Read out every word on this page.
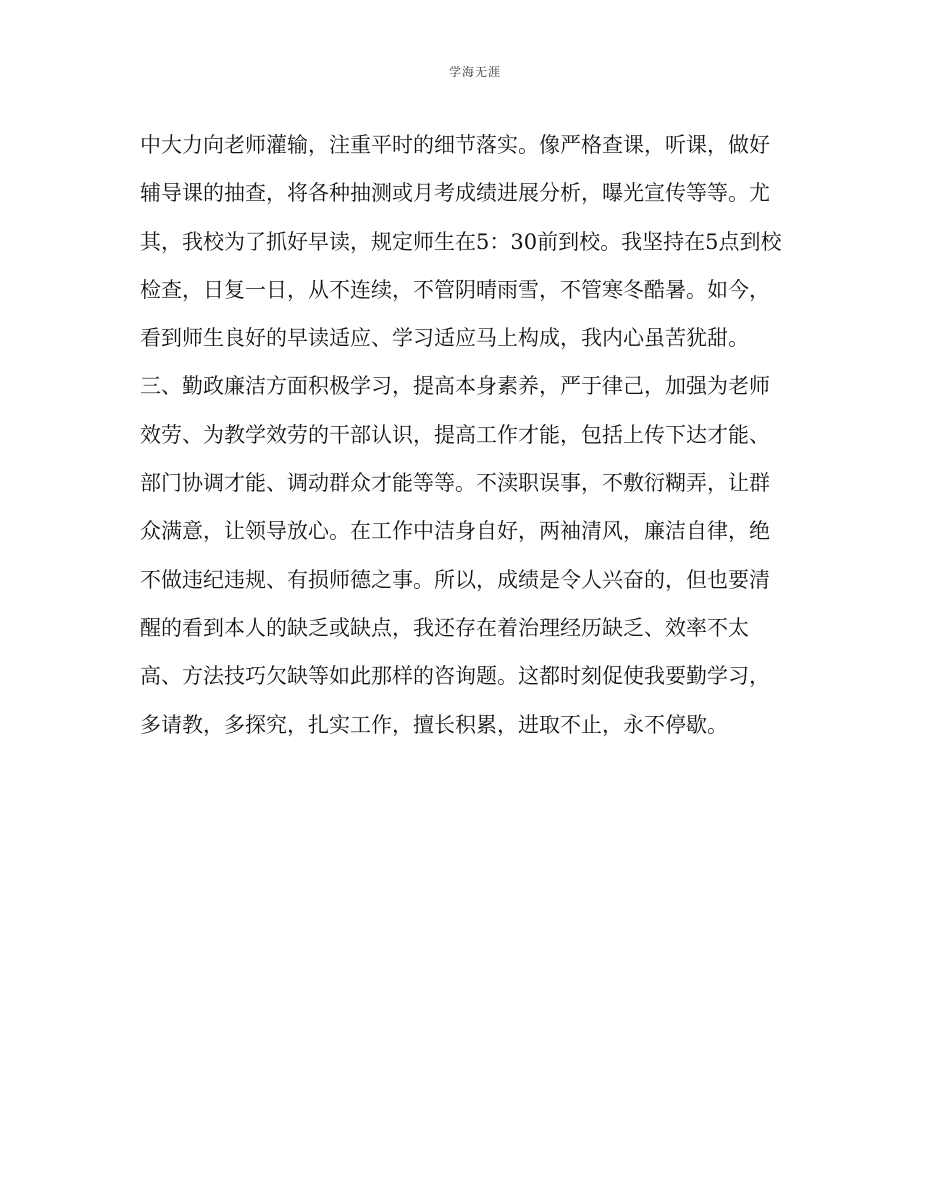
学海无涯
中大力向老师灌输，注重平时的细节落实。像严格查课，听课，做好
辅导课的抽查，将各种抽测或月考成绩进展分析，曝光宣传等等。尤
其，我校为了抓好早读，规定师生在5：30前到校。我坚持在5点到校
检查，日复一日，从不连续，不管阴晴雨雪，不管寒冬酷暑。如今，
看到师生良好的早读适应、学习适应马上构成，我内心虽苦犹甜。
三、勤政廉洁方面积极学习，提高本身素养，严于律己，加强为老师
效劳、为教学效劳的干部认识，提高工作才能，包括上传下达才能、
部门协调才能、调动群众才能等等。不渎职误事，不敷衍糊弄，让群
众满意，让领导放心。在工作中洁身自好，两袖清风，廉洁自律，绝
不做违纪违规、有损师德之事。所以，成绩是令人兴奋的，但也要清
醒的看到本人的缺乏或缺点，我还存在着治理经历缺乏、效率不太
高、方法技巧欠缺等如此那样的咨询题。这都时刻促使我要勤学习，
多请教，多探究，扎实工作，擅长积累，进取不止，永不停歇。
